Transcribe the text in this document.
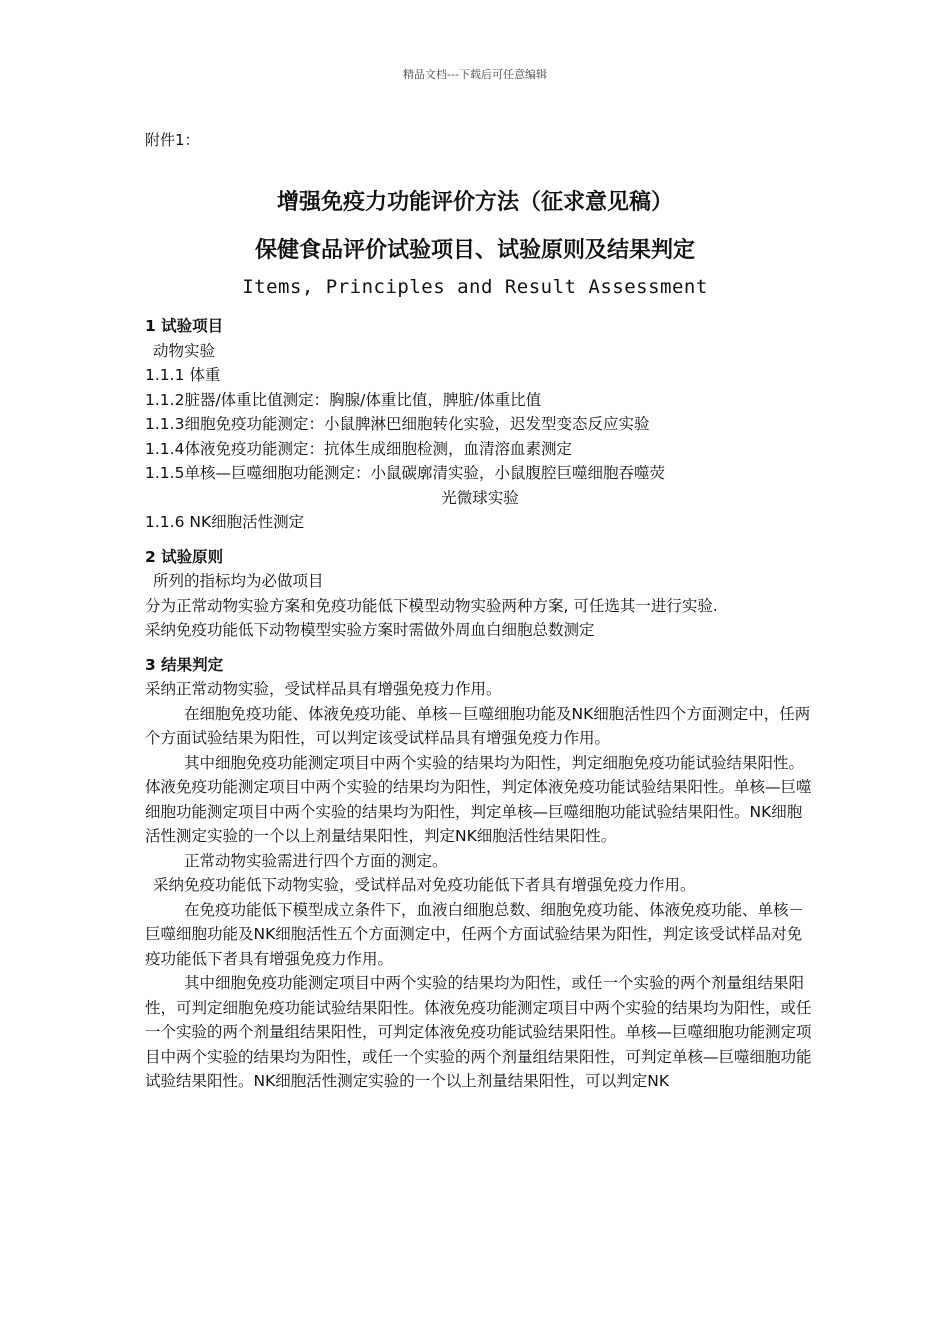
精品文档---下载后可任意编辑
附件1：
增强免疫力功能评价方法（征求意见稿）
保健食品评价试验项目、试验原则及结果判定
Items, Principles and Result Assessment

1 试验项目

动物实验

1.1.1 体重

1.1.2脏器/体重比值测定：胸腺/体重比值，脾脏/体重比值

1.1.3细胞免疫功能测定：小鼠脾淋巴细胞转化实验，迟发型变态反应实验

1.1.4体液免疫功能测定：抗体生成细胞检测，血清溶血素测定

1.1.5单核—巨噬细胞功能测定：小鼠碳廓清实验，小鼠腹腔巨噬细胞吞噬荧

光微球实验

1.1.6 NK细胞活性测定

2 试验原则

所列的指标均为必做项目

分为正常动物实验方案和免疫功能低下模型动物实验两种方案, 可任选其一进行实验.

采纳免疫功能低下动物模型实验方案时需做外周血白细胞总数测定

3 结果判定

采纳正常动物实验，受试样品具有增强免疫力作用。

在细胞免疫功能、体液免疫功能、单核－巨噬细胞功能及NK细胞活性四个方面测定中，任两个方面试验结果为阳性，可以判定该受试样品具有增强免疫力作用。

其中细胞免疫功能测定项目中两个实验的结果均为阳性，判定细胞免疫功能试验结果阳性。体液免疫功能测定项目中两个实验的结果均为阳性，判定体液免疫功能试验结果阳性。单核—巨噬细胞功能测定项目中两个实验的结果均为阳性，判定单核—巨噬细胞功能试验结果阳性。NK细胞活性测定实验的一个以上剂量结果阳性，判定NK细胞活性结果阳性。

正常动物实验需进行四个方面的测定。

采纳免疫功能低下动物实验，受试样品对免疫功能低下者具有增强免疫力作用。

在免疫功能低下模型成立条件下，血液白细胞总数、细胞免疫功能、体液免疫功能、单核－巨噬细胞功能及NK细胞活性五个方面测定中，任两个方面试验结果为阳性，判定该受试样品对免疫功能低下者具有增强免疫力作用。

其中细胞免疫功能测定项目中两个实验的结果均为阳性，或任一个实验的两个剂量组结果阳性，可判定细胞免疫功能试验结果阳性。体液免疫功能测定项目中两个实验的结果均为阳性，或任一个实验的两个剂量组结果阳性，可判定体液免疫功能试验结果阳性。单核—巨噬细胞功能测定项目中两个实验的结果均为阳性，或任一个实验的两个剂量组结果阳性，可判定单核—巨噬细胞功能试验结果阳性。NK细胞活性测定实验的一个以上剂量结果阳性，可以判定NK
